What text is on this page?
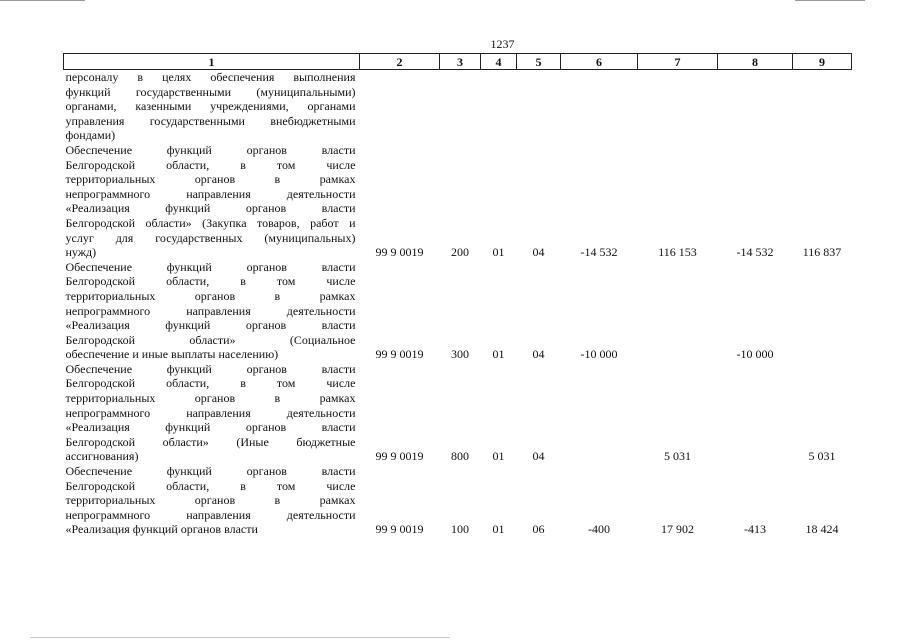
1237
1	2	3	4	5	6	7	8	9

персоналу в целях обеспечения выполнения								

функций государственными (муниципальными)								

органами, казенными учреждениями, органами								

управления государственными внебюджетными								

фондами)								

Обеспечение функций органов власти								

Белгородской области, в том числе								

территориальных органов в рамках								

непрограммного направления деятельности								

«Реализация функций органов власти								

Белгородской области» (Закупка товаров, работ и								

услуг для государственных (муниципальных)								

нужд)	99 9 0019	200	01	04	-14 532	116 153	-14 532	116 837

Обеспечение функций органов власти								

Белгородской области, в том числе								

территориальных органов в рамках								

непрограммного направления деятельности								

«Реализация функций органов власти								

Белгородской области» (Социальное								

обеспечение и иные выплаты населению)	99 9 0019	300	01	04	-10 000		-10 000	

Обеспечение функций органов власти								

Белгородской области, в том числе								

территориальных органов в рамках								

непрограммного направления деятельности								

«Реализация функций органов власти								

Белгородской области» (Иные бюджетные								

ассигнования)	99 9 0019	800	01	04		5 031		5 031

Обеспечение функций органов власти								

Белгородской области, в том числе								

территориальных органов в рамках								

непрограммного направления деятельности								

«Реализация функций органов власти	99 9 0019	100	01	06	-400	17 902	-413	18 424
